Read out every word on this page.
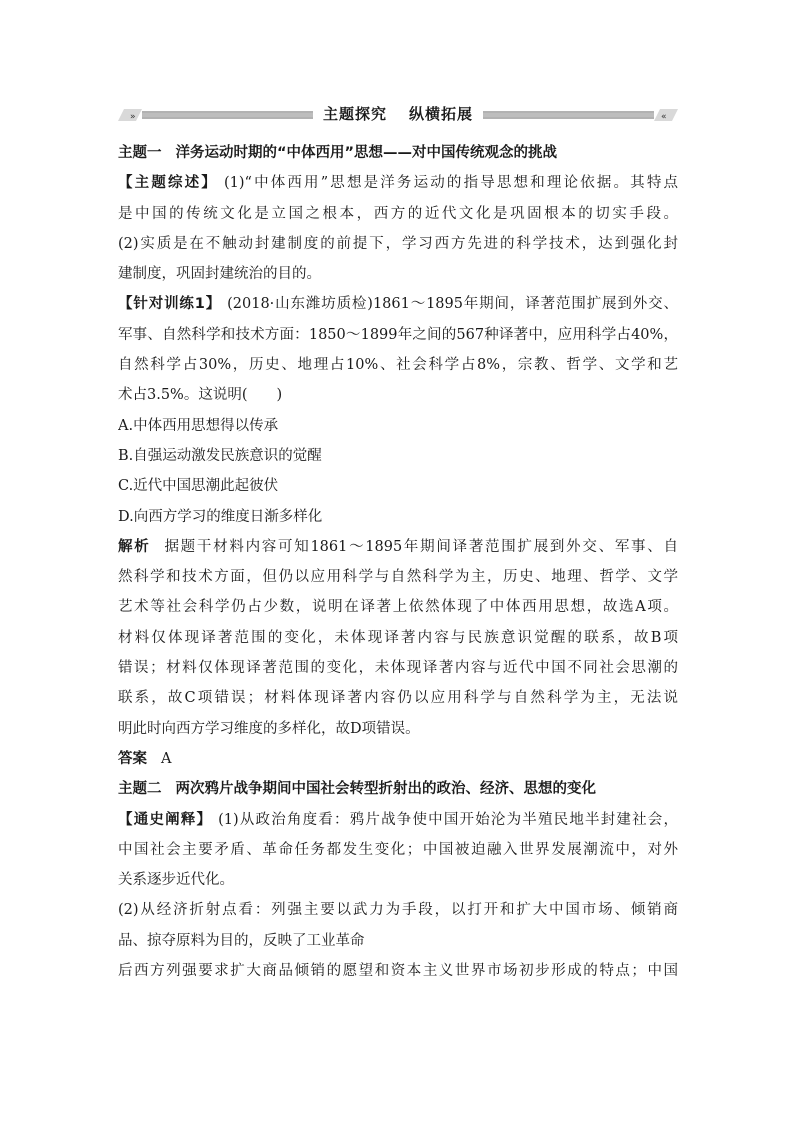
»	«
主题探究 纵横拓展
主题一 洋务运动时期的“中体西用”思想——对中国传统观念的挑战
【主题综述】 (1)“中体西用”思想是洋务运动的指导思想和理论依据。其特点
是中国的传统文化是立国之根本，西方的近代文化是巩固根本的切实手段。
(2)实质是在不触动封建制度的前提下，学习西方先进的科学技术，达到强化封
建制度，巩固封建统治的目的。
【针对训练1】 (2018·山东潍坊质检)1861～1895年期间，译著范围扩展到外交、
军事、自然科学和技术方面：1850～1899年之间的567种译著中，应用科学占40%，
自然科学占30%，历史、地理占10%、社会科学占8%，宗教、哲学、文学和艺
术占3.5%。这说明(　　)
A.中体西用思想得以传承
B.自强运动激发民族意识的觉醒
C.近代中国思潮此起彼伏
D.向西方学习的维度日渐多样化
解析 据题干材料内容可知1861～1895年期间译著范围扩展到外交、军事、自
然科学和技术方面，但仍以应用科学与自然科学为主，历史、地理、哲学、文学
艺术等社会科学仍占少数，说明在译著上依然体现了中体西用思想，故选A项。
材料仅体现译著范围的变化，未体现译著内容与民族意识觉醒的联系，故B项
错误；材料仅体现译著范围的变化，未体现译著内容与近代中国不同社会思潮的
联系，故C项错误；材料体现译著内容仍以应用科学与自然科学为主，无法说
明此时向西方学习维度的多样化，故D项错误。
答案 A
主题二 两次鸦片战争期间中国社会转型折射出的政治、经济、思想的变化
【通史阐释】 (1)从政治角度看：鸦片战争使中国开始沦为半殖民地半封建社会，
中国社会主要矛盾、革命任务都发生变化；中国被迫融入世界发展潮流中，对外
关系逐步近代化。
(2)从经济折射点看：列强主要以武力为手段，以打开和扩大中国市场、倾销商
品、掠夺原料为目的，反映了工业革命
后西方列强要求扩大商品倾销的愿望和资本主义世界市场初步形成的特点；中国
